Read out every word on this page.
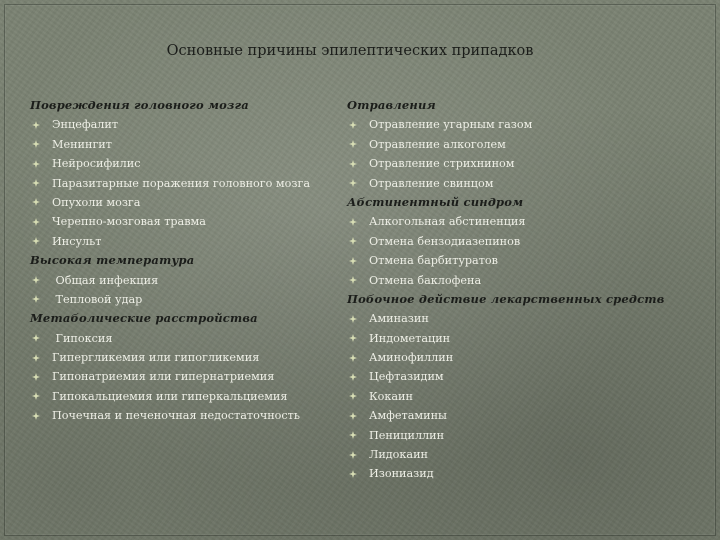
Основные причины эпилептических припадков
Повреждения головного мозга
Энцефалит
Менингит
Нейросифилис
Паразитарные поражения головного мозга
Опухоли мозга
Черепно-мозговая травма
Инсульт
Высокая температура
Общая инфекция
Тепловой удар
Метаболические расстройства
Гипоксия
Гипергликемия или гипогликемия
Гипонатриемия или гипернатриемия
Гипокальциемия или гиперкальциемия
Почечная и печеночная недостаточность
Отравления
Отравление угарным газом
Отравление алкоголем
Отравление стрихнином
Отравление свинцом
Абстинентный синдром
Алкогольная абстиненция
Отмена бензодиазепинов
Отмена барбитуратов
Отмена баклофена
Побочное действие лекарственных средств
Аминазин
Индометацин
Аминофиллин
Цефтазидим
Кокаин
Амфетамины
Пенициллин
Лидокаин
Изониазид
